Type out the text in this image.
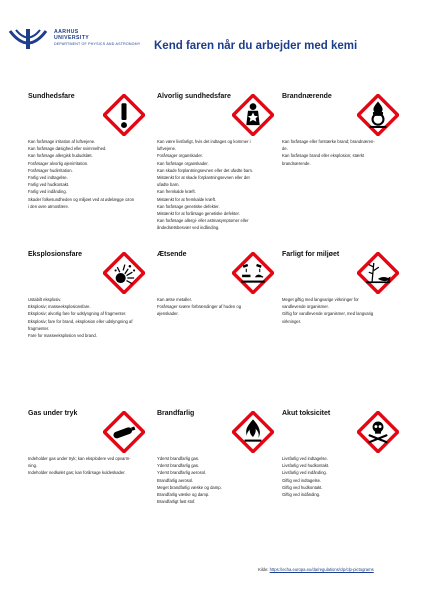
AARHUS
UNIVERSITY
DEPARTMENT OF PHYSICS AND ASTRONOMY Kend faren når du arbejder med kemi
Sundhedsfare
Kan forårsage irritation af luftvejene.
Kan forårsage døsighed eller svimmelhed.
Kan forårsage allergisk hududslæt.
Forårsager alvorlig øjenirritation.
Forårsager hudirritation.
Farlig ved indtagelse.
Farlig ved hudkontakt.
Farlig ved indånding.
Skader folkesundheden og miljøet ved at ødelægge ozon
i den øvre atmosfære.
Alvorlig sundhedsfare
Kan være livsfarligt, hvis det indtages og kommer i
luftvejene.
Forårsager organskader.
Kan forårsage organskader.
Kan skade forplantningsevnen eller det ufødte barn.
Mistænkt for at skade forplantningsevnen eller det
ufødte barn.
Kan fremkalde kræft.
Mistænkt for at fremkalde kræft.
Kan forårsage genetiske defekter.
Mistænkt for at forårsage genetiske defekter.
Kan forårsage allergi- eller astmasymptomer eller
åndedrætsbesvær ved indånding.
Brandnærende
Kan forårsage eller forstærke brand; brandnæren-
de.
Kan forårsage brand eller eksplosion; stærkt
brandnærende.
Eksplosionsfare
Ustabilt eksplosiv.
Eksplosiv; masseeksplosionsfare.
Eksplosiv; alvorlig fare for udslyngning af fragmenter.
Eksplosiv; fare for brand, eksplosion eller udslyngning af
fragmenter.
Fare for masseeksplosion ved brand.
Ætsende
Kan ætse metaller.
Forårsager svære forbrændinger af huden og
øjenskader.
Farligt for miljøet
Meget giftig med langvarige virkninger for
vandlevende organismer.
Giftig for vandlevende organismer, med langvarig
virkninger.
Gas under tryk
Indeholder gas under tryk; kan eksplodere ved opvarm-
ning.
Indeholder nedkølet gas; kan forårsage kuldeskader.
Brandfarlig
Yderst brandfarlig gas.
Yderst brandfarlig gas.
Yderst brandfarlig aerosol.
Brandfarlig aerosol.
Meget brandfarlig væske og damp.
Brandfarlig væske og damp.
Brandfarligt fast stof.
Akut toksicitet
Livsfarlig ved indtagelse.
Livsfarlig ved hudkontakt.
Livsfarlig ved indånding.
Giftig ved indtagelse.
Giftig ved hudkontakt.
Giftig ved indånding.
Kilde: https://echa.europa.eu/da/regulations/clp/clp-pictograms
